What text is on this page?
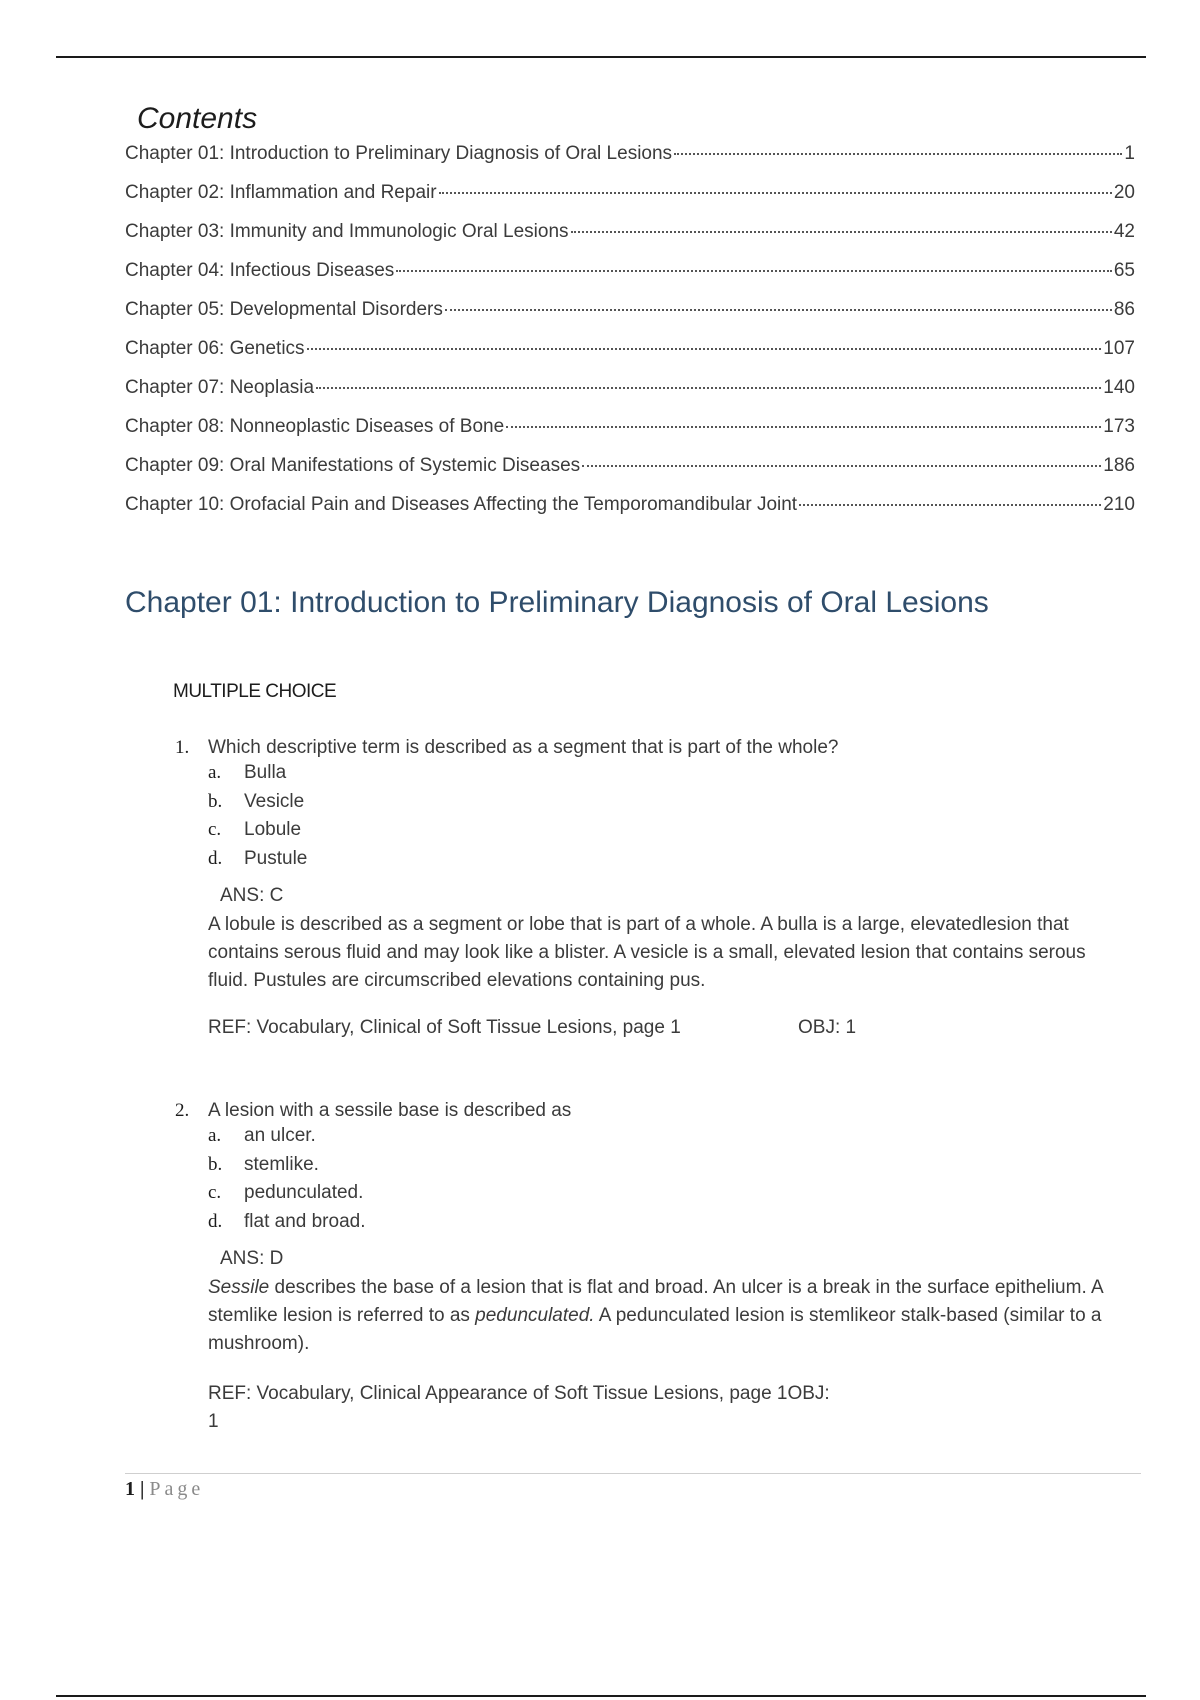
Contents
Chapter 01: Introduction to Preliminary Diagnosis of Oral Lesions	1
Chapter 02: Inflammation and Repair	20
Chapter 03: Immunity and Immunologic Oral Lesions	42
Chapter 04: Infectious Diseases	65
Chapter 05: Developmental Disorders	86
Chapter 06: Genetics	107
Chapter 07: Neoplasia	140
Chapter 08: Nonneoplastic Diseases of Bone	173
Chapter 09: Oral Manifestations of Systemic Diseases	186
Chapter 10: Orofacial Pain and Diseases Affecting the Temporomandibular Joint	210
Chapter 01: Introduction to Preliminary Diagnosis of Oral Lesions
MULTIPLE CHOICE
1. Which descriptive term is described as a segment that is part of the whole?
a.	Bulla
b.	Vesicle
c.	Lobule
d.	Pustule
ANS: C
A lobule is described as a segment or lobe that is part of a whole. A bulla is a large, elevatedlesion that contains serous fluid and may look like a blister. A vesicle is a small, elevated lesion that contains serous fluid. Pustules are circumscribed elevations containing pus.
REF: Vocabulary, Clinical of Soft Tissue Lesions, page 1	OBJ: 1
2. A lesion with a sessile base is described as
a.	an ulcer.
b.	stemlike.
c.	pedunculated.
d.	flat and broad.
ANS: D
Sessile describes the base of a lesion that is flat and broad. An ulcer is a break in the surface epithelium. A stemlike lesion is referred to as pedunculated. A pedunculated lesion is stemlikeor stalk-based (similar to a mushroom).
REF: Vocabulary, Clinical Appearance of Soft Tissue Lesions, page 1OBJ:
1
1 | Page
